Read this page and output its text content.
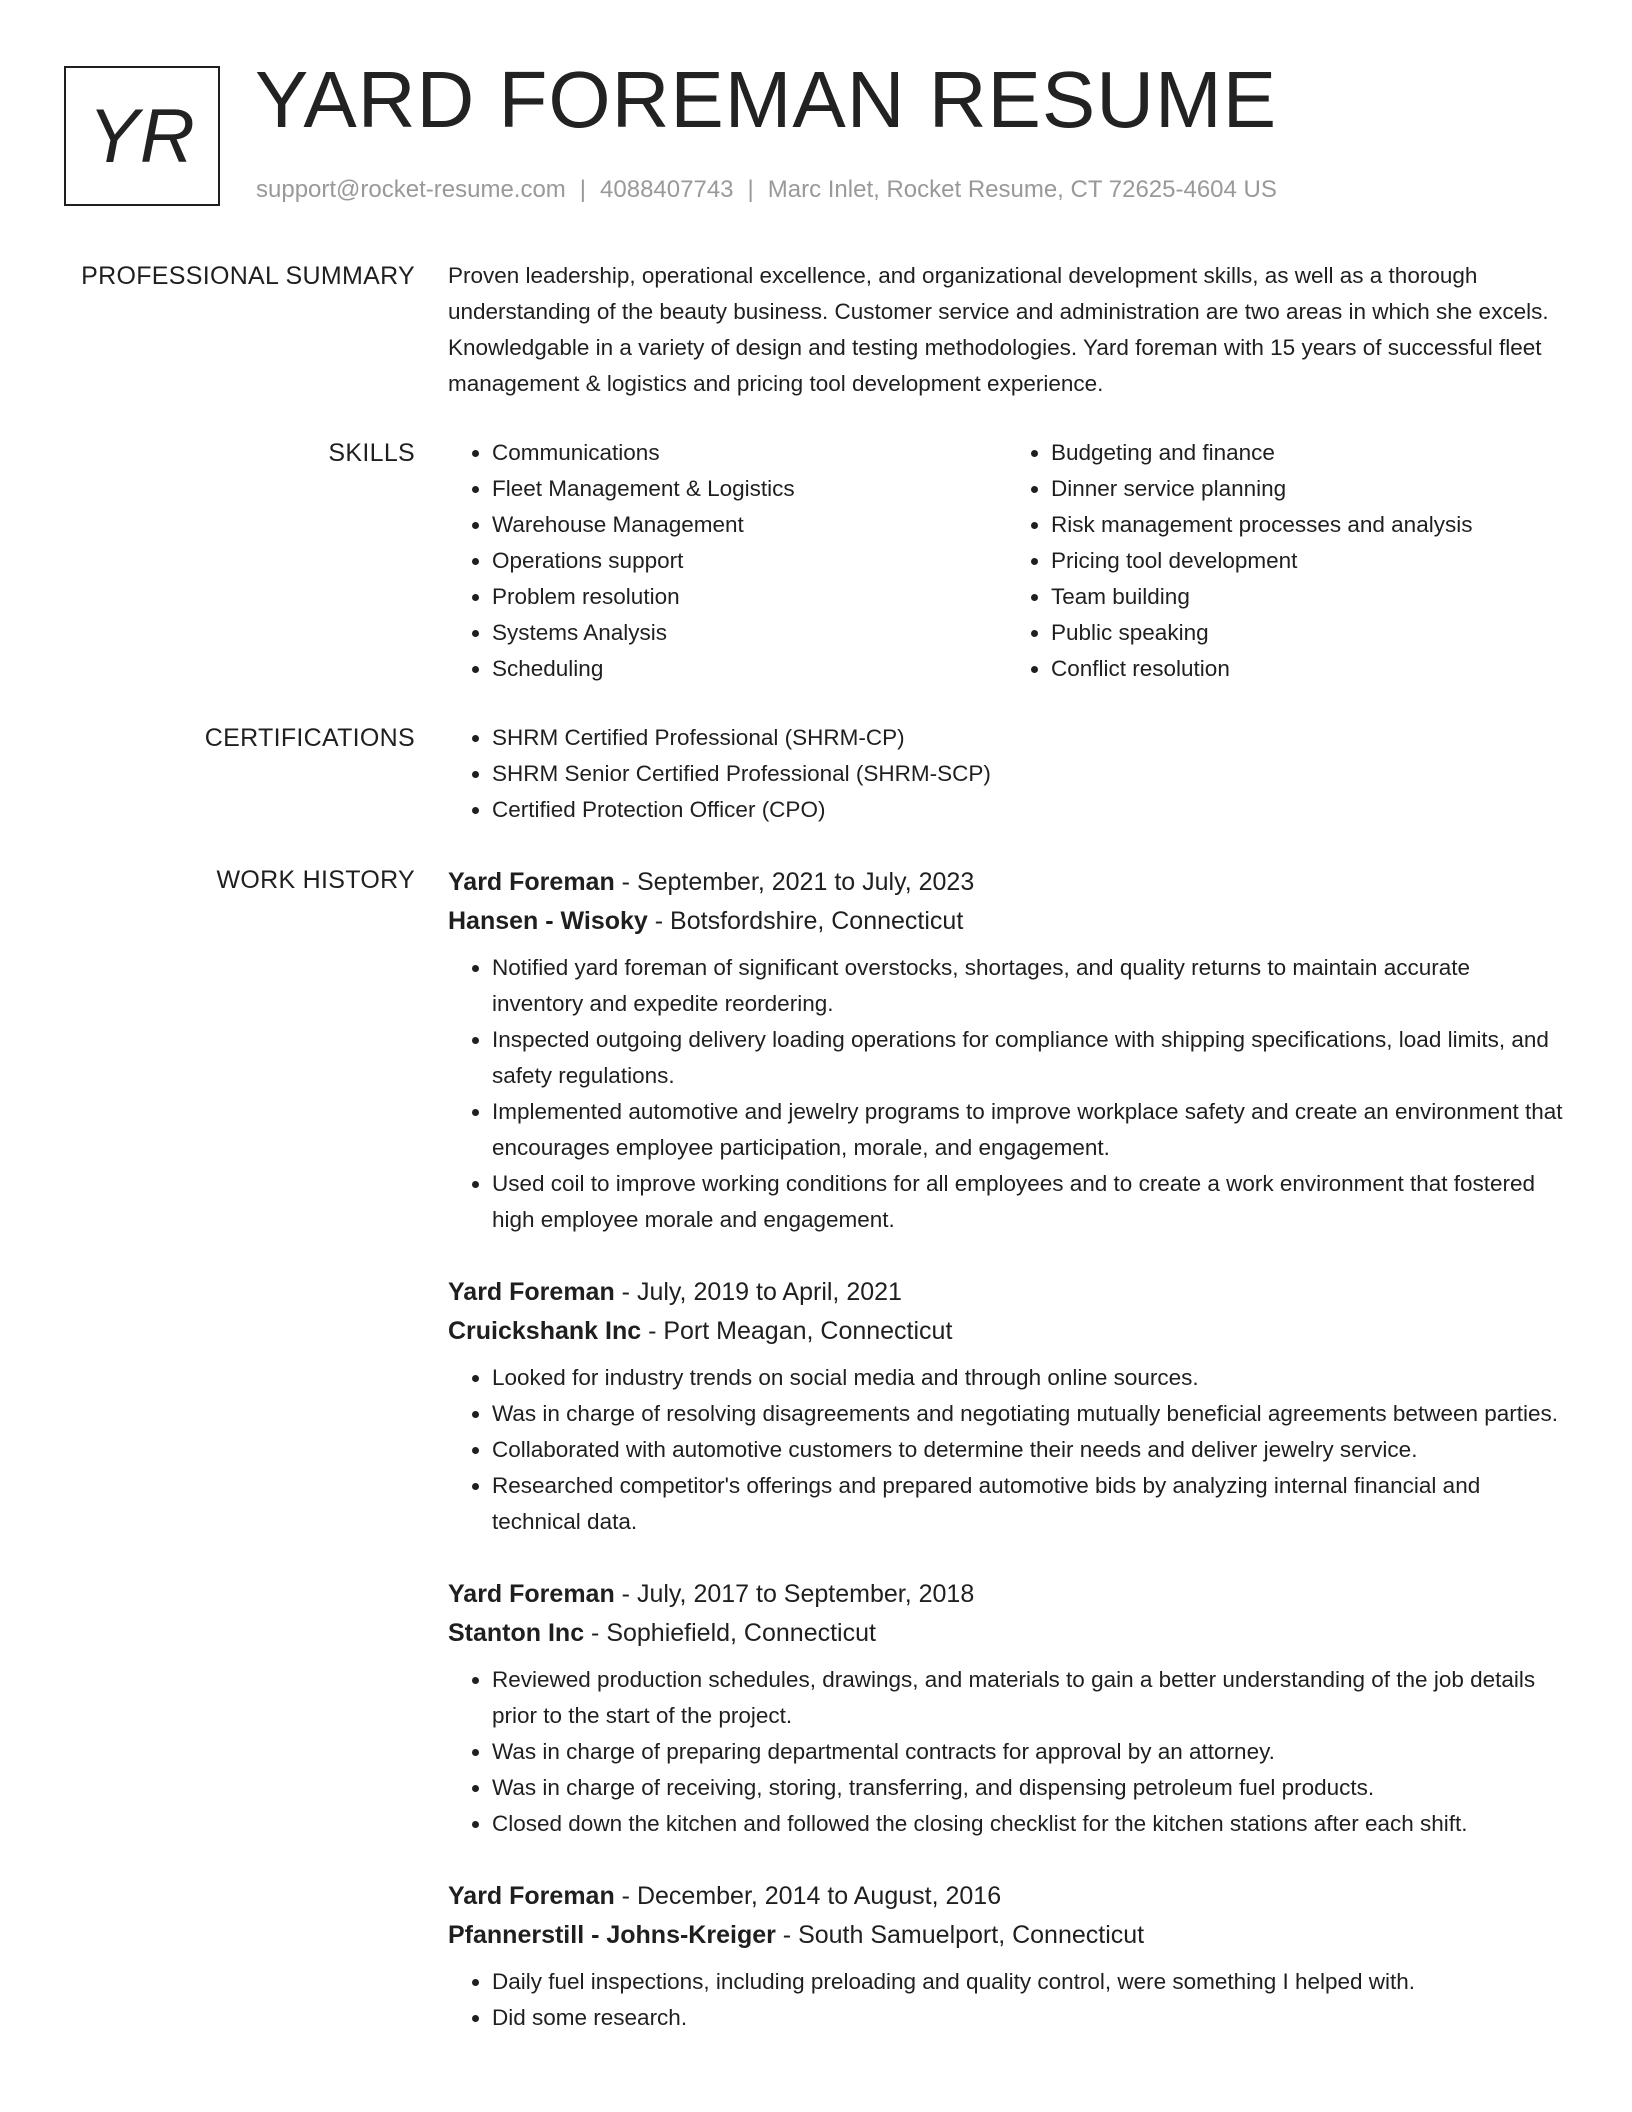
YR YARD FOREMAN RESUME
support@rocket-resume.com | 4088407743 | Marc Inlet, Rocket Resume, CT 72625-4604 US
PROFESSIONAL SUMMARY Proven leadership, operational excellence, and organizational development skills, as well as a thorough understanding of the beauty business. Customer service and administration are two areas in which she excels. Knowledgable in a variety of design and testing methodologies. Yard foreman with 15 years of successful fleet management & logistics and pricing tool development experience.
SKILLS	• Communications
• Fleet Management & Logistics
• Warehouse Management
• Operations support
• Problem resolution
• Systems Analysis
• Scheduling
• Budgeting and finance
• Dinner service planning
• Risk management processes and analysis
• Pricing tool development
• Team building
• Public speaking
• Conflict resolution
CERTIFICATIONS	• SHRM Certified Professional (SHRM-CP)
• SHRM Senior Certified Professional (SHRM-SCP)
• Certified Protection Officer (CPO)
WORK HISTORY Yard Foreman - September, 2021 to July, 2023
Hansen - Wisoky - Botsfordshire, Connecticut
• Notified yard foreman of significant overstocks, shortages, and quality returns to maintain accurate inventory and expedite reordering.
• Inspected outgoing delivery loading operations for compliance with shipping specifications, load limits, and safety regulations.
• Implemented automotive and jewelry programs to improve workplace safety and create an environment that encourages employee participation, morale, and engagement.
• Used coil to improve working conditions for all employees and to create a work environment that fostered high employee morale and engagement.
Yard Foreman - July, 2019 to April, 2021
Cruickshank Inc - Port Meagan, Connecticut
• Looked for industry trends on social media and through online sources.
• Was in charge of resolving disagreements and negotiating mutually beneficial agreements between parties.
• Collaborated with automotive customers to determine their needs and deliver jewelry service.
• Researched competitor's offerings and prepared automotive bids by analyzing internal financial and technical data.
Yard Foreman - July, 2017 to September, 2018
Stanton Inc - Sophiefield, Connecticut
• Reviewed production schedules, drawings, and materials to gain a better understanding of the job details prior to the start of the project.
• Was in charge of preparing departmental contracts for approval by an attorney.
• Was in charge of receiving, storing, transferring, and dispensing petroleum fuel products.
• Closed down the kitchen and followed the closing checklist for the kitchen stations after each shift.
Yard Foreman - December, 2014 to August, 2016
Pfannerstill - Johns-Kreiger - South Samuelport, Connecticut
• Daily fuel inspections, including preloading and quality control, were something I helped with.
• Did some research.
